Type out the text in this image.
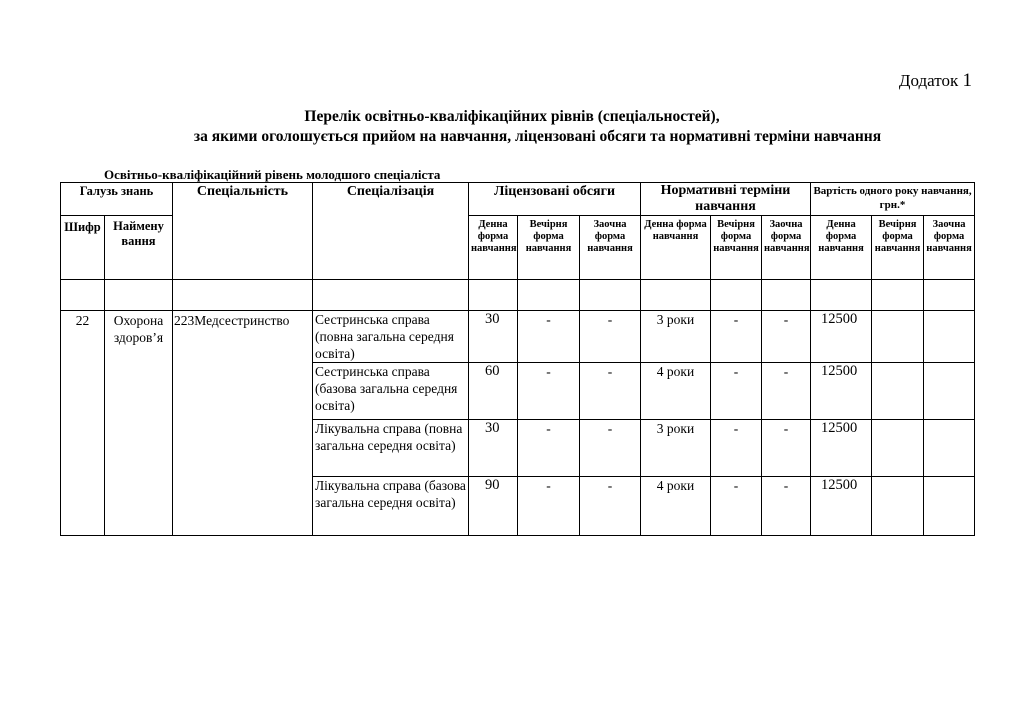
Додаток 1
Перелік освітньо-кваліфікаційних рівнів (спеціальностей),
за якими оголошується прийом на навчання, ліцензовані обсяги та нормативні терміни навчання
Освітньо-кваліфікаційний рівень молодшого спеціаліста
Галузь знань		Спеціальність	Спеціалізація	Ліцензовані обсяги			Нормативні терміни навчання			Вартість одного року навчання, грн.*		
Шифр	Наймену вання			Денна форма навчання	Вечірня форма навчання	Заочна форма навчання	Денна форма навчання	Вечірня форма навчання	Заочна форма навчання	Денна форма навчання	Вечірня форма навчання	Заочна форма навчання

22	Охорона здоров’я	223Медсестринство	Сестринська справа (повна загальна середня освіта)	30	-	-	3 роки	-	-	12500		
			Сестринська справа (базова загальна середня освіта)	60	-	-	4 роки	-	-	12500		
			Лікувальна справа (повна загальна середня освіта)	30	-	-	3 роки	-	-	12500		
			Лікувальна справа (базова загальна середня освіта)	90	-	-	4 роки	-	-	12500		
